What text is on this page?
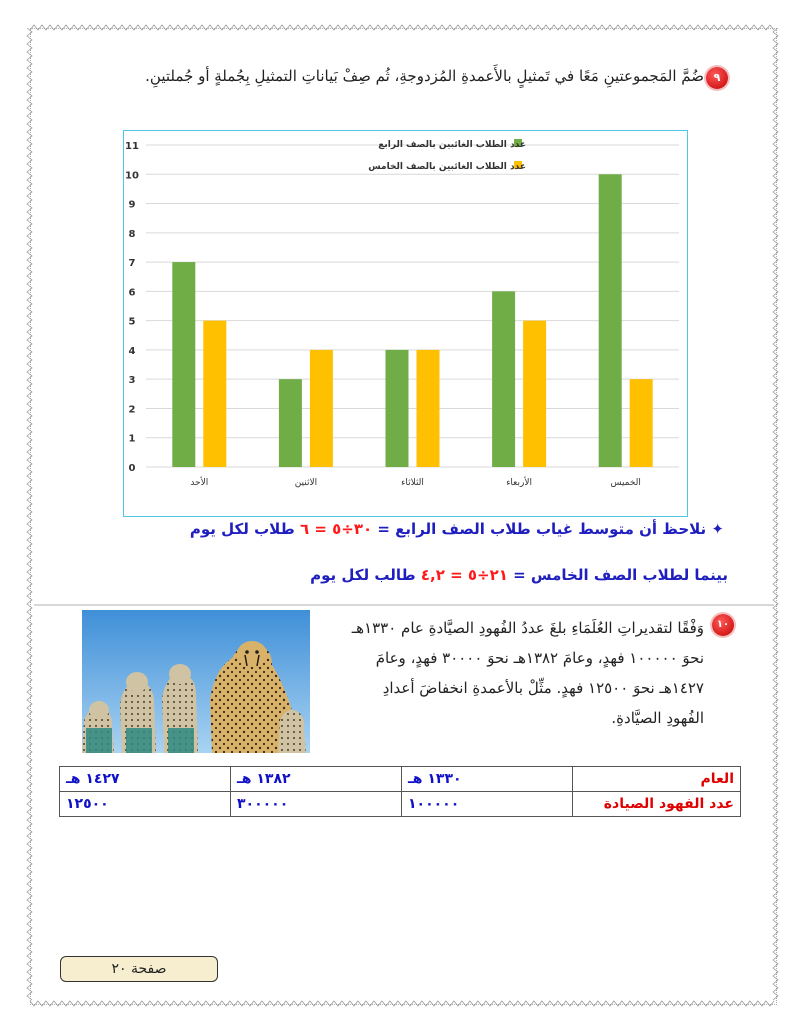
٩
ضُمَّ المَجموعتينِ مَعًا في تَمثيلٍ بالأَعمدةِ المُزدوجةِ، ثُم صِفْ بَياناتِ التمثيلِ بِجُملةٍ أو جُملتينِ.
0
1
2
3
4
5
6
7
8
9
10
11
الأحد	الاثنين	الثلاثاء	الأربعاء	الخميس
عدد الطلاب الغائبين بالصف الرابع
عدد الطلاب الغائبين بالصف الخامس
✦ نلاحظ أن متوسط غياب طلاب الصف الرابع = ٣٠÷٥ = ٦ طلاب لكل يوم
بينما لطلاب الصف الخامس = ٢١÷٥ = ٤,٢ طالب لكل يوم
١٠
وَفْقًا لتقديراتِ العُلَمَاءِ بلغَ عددُ الفُهودِ الصيَّادةِ عام ١٣٣٠هـ
نحوَ ١٠٠٠٠٠ فهدٍ، وعامَ ١٣٨٢هـ نحوَ ٣٠٠٠٠ فهدٍ، وعامَ
١٤٢٧هـ نحوَ ١٢٥٠٠ فهدٍ. مثِّلْ بالأعمدةِ انخفاضَ أعدادِ
الفُهودِ الصيَّادةِ.
العام	١٣٣٠ هـ	١٣٨٢ هـ	١٤٢٧ هـ
عدد الفهود الصيادة	١٠٠٠٠٠	٣٠٠٠٠٠	١٢٥٠٠
صفحة ٢٠
